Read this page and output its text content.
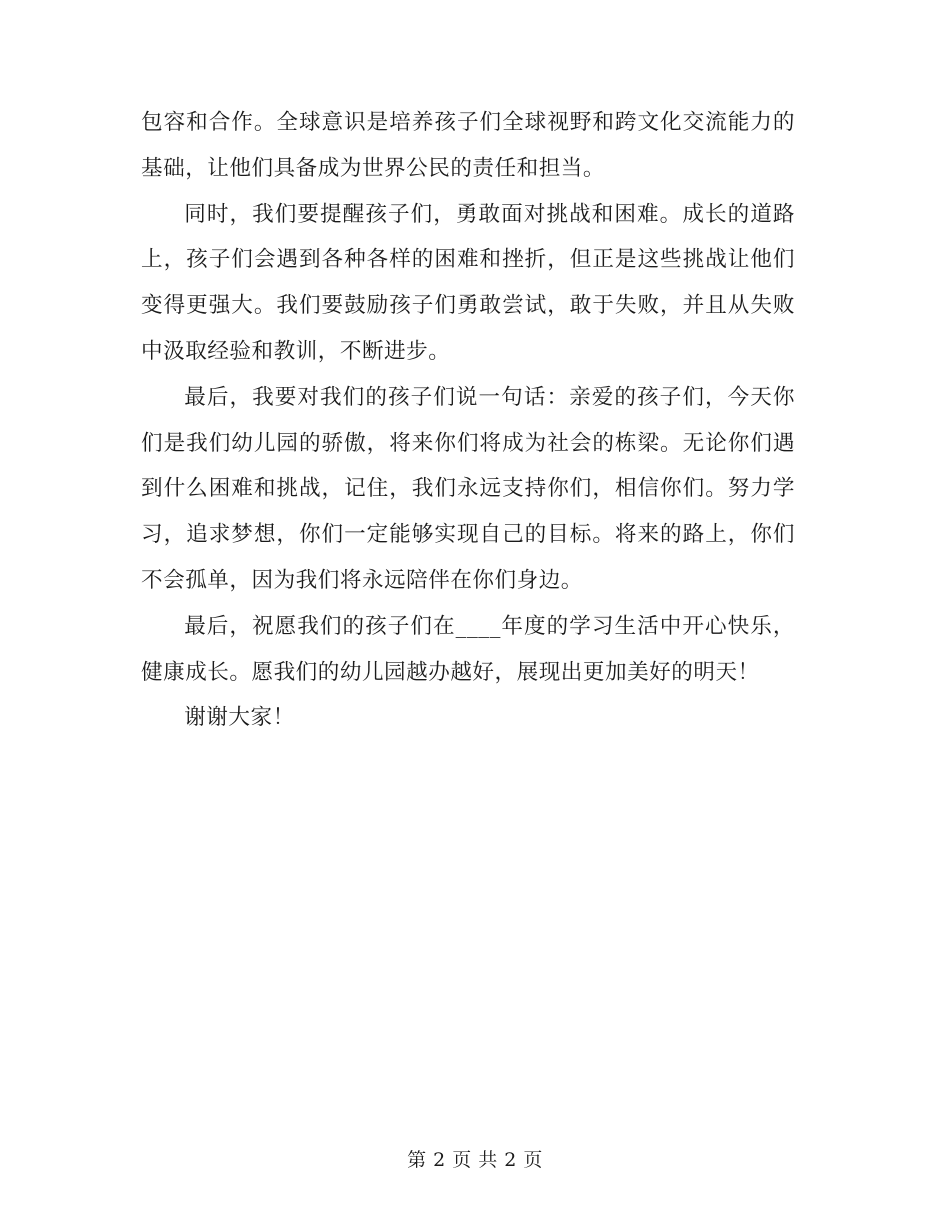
包容和合作。全球意识是培养孩子们全球视野和跨文化交流能力的基础，让他们具备成为世界公民的责任和担当。

同时，我们要提醒孩子们，勇敢面对挑战和困难。成长的道路上，孩子们会遇到各种各样的困难和挫折，但正是这些挑战让他们变得更强大。我们要鼓励孩子们勇敢尝试，敢于失败，并且从失败中汲取经验和教训，不断进步。

最后，我要对我们的孩子们说一句话：亲爱的孩子们，今天你们是我们幼儿园的骄傲，将来你们将成为社会的栋梁。无论你们遇到什么困难和挑战，记住，我们永远支持你们，相信你们。努力学习，追求梦想，你们一定能够实现自己的目标。将来的路上，你们不会孤单，因为我们将永远陪伴在你们身边。

最后，祝愿我们的孩子们在____年度的学习生活中开心快乐，健康成长。愿我们的幼儿园越办越好，展现出更加美好的明天！

谢谢大家！

第 2 页 共 2 页
